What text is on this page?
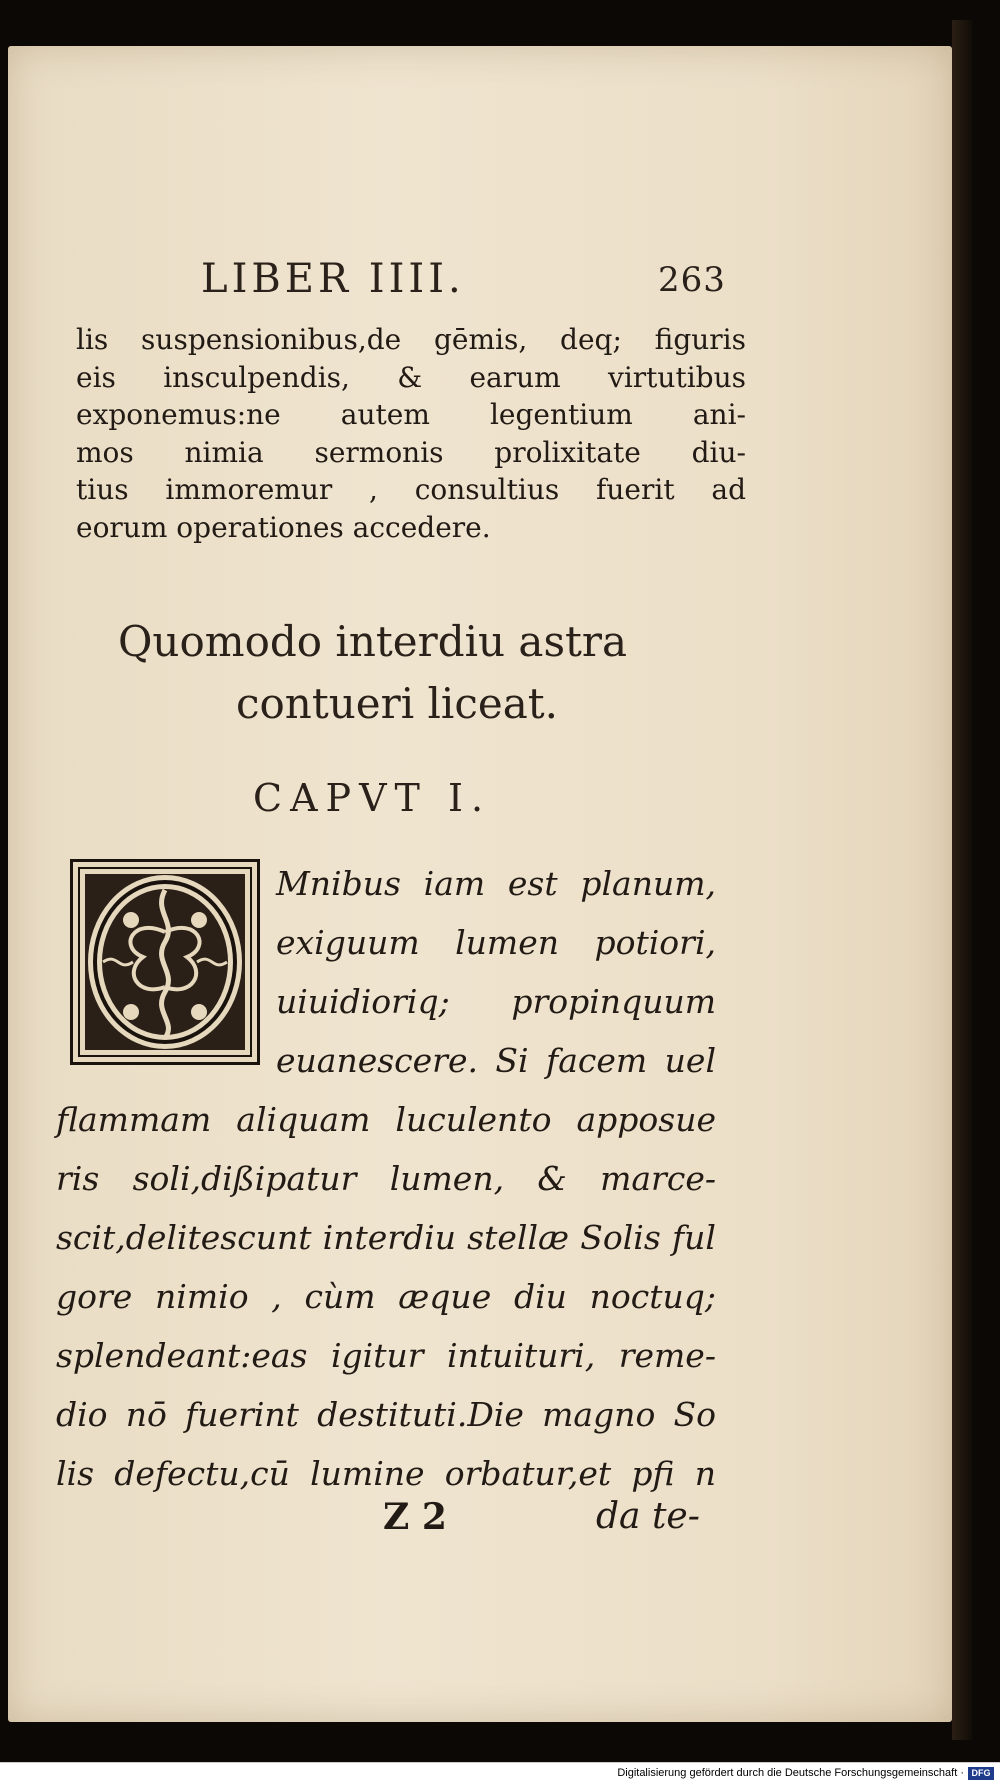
LIBER IIII.	263
lis suspensionibus,de gēmis, deq; figuris
eis insculpendis, & earum virtutibus
exponemus:ne autem legentium ani-
mos nimia sermonis prolixitate diu-
tius immoremur , consultius fuerit ad
eorum operationes accedere.
Quomodo interdiu astra
contueri liceat.
CAPVT I.
Mnibus iam est planum,
exiguum lumen potiori,
uiuidioriq; propinquum
euanescere. Si facem uel
flammam aliquam luculento apposue
ris soli,dißipatur lumen, & marce-
scit,delitescunt interdiu stellæ Solis ful
gore nimio , cùm æque diu noctuq;
splendeant:eas igitur intuituri, reme-
dio nō fuerint destituti.Die magno So
lis defectu,cū lumine orbatur,et pfi n
Z 2	da te-
Digitalisierung gefördert durch die Deutsche Forschungsgemeinschaft · DFG
